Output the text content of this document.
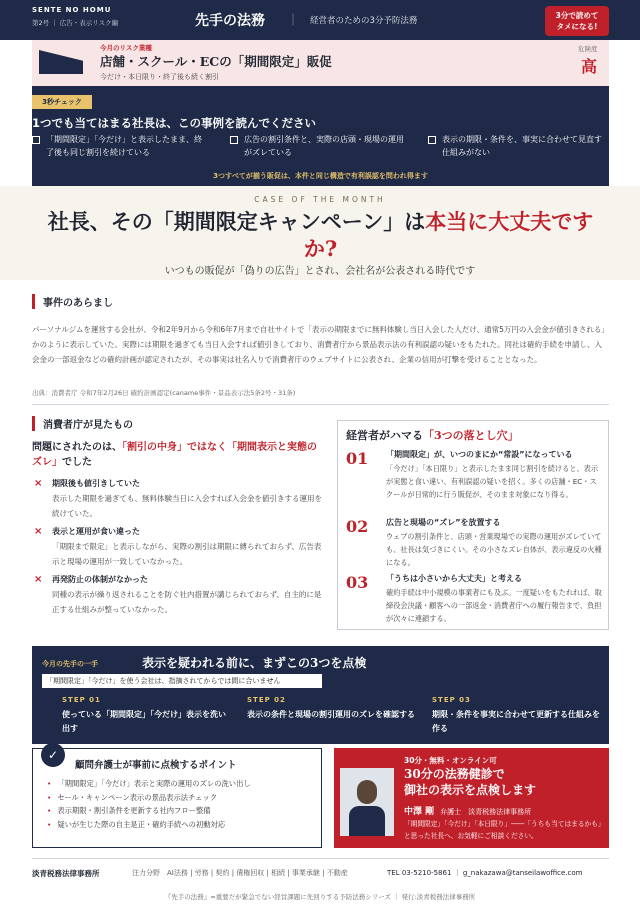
SENTE NO HOMU
第2号 ｜ 広告・表示リスク編	先手の法務 ｜ 経営者のための3分予防法務
3分で読めて
タメになる!
今月のリスク業種
店舗・スクール・ECの「期間限定」販促
今だけ・本日限り・終了後も続く割引
危険度
高
3秒チェック
1つでも当てはまる社長は、この事例を読んでください
「期間限定」「今だけ」と表示したまま、終了後も同じ割引を続けている
広告の割引条件と、実際の店頭・現場の運用がズレている
表示の期限・条件を、事実に合わせて見直す仕組みがない
3つすべてが揃う販促は、本件と同じ構造で有利誤認を問われ得ます
CASE OF THE MONTH
社長、その「期間限定キャンペーン」は本当に大丈夫ですか?
いつもの販促が「偽りの広告」とされ、会社名が公表される時代です
事件のあらまし
パーソナルジムを運営する会社が、令和2年9月から令和6年7月まで自社サイトで「表示の期限までに無料体験し当日入会した人だけ、通常5万円の入会金が値引きされる」かのように表示していた。実際には期限を過ぎても当日入会すれば値引きしており、消費者庁から景品表示法の有利誤認の疑いをもたれた。同社は確約手続を申請し、入会金の一部返金などの確約計画が認定されたが、その事実は社名入りで消費者庁のウェブサイトに公表され、企業の信用が打撃を受けることとなった。
出典：消費者庁 令和7年2月26日 確約計画認定(caname事件・景品表示法5条2号・31条)
消費者庁が見たもの
問題にされたのは、「割引の中身」ではなく「期間表示と実態のズレ」でした
× 期限後も値引きしていた
表示した期限を過ぎても、無料体験当日に入会すれば入会金を値引きする運用を続けていた。
× 表示と運用が食い違った
「期限まで限定」と表示しながら、実際の割引は期限に縛られておらず、広告表示と現場の運用が一致していなかった。
× 再発防止の体制がなかった
同種の表示が繰り返されることを防ぐ社内措置が講じられておらず、自主的に是正する仕組みが整っていなかった。
経営者がハマる「3つの落とし穴」
01 「期間限定」が、いつのまにか“常設”になっている
「今だけ」「本日限り」と表示したまま同じ割引を続けると、表示が実態と食い違い、有利誤認の疑いを招く。多くの店舗・EC・スクールが日常的に行う販促が、そのまま対象になり得る。
02 広告と現場の“ズレ”を放置する
ウェブの割引条件と、店頭・営業現場での実際の運用がズレていても、社長は気づきにくい。その小さなズレ自体が、表示違反の火種になる。
03 「うちは小さいから大丈夫」と考える
確約手続は中小規模の事業者にも及ぶ。一度疑いをもたれれば、取締役会決議・顧客への一部返金・消費者庁への履行報告まで、負担が次々に連鎖する。
今月の先手の一手	表示を疑われる前に、まずこの3つを点検
「期間限定」「今だけ」を使う会社は、指摘されてからでは間に合いません
STEP 01
使っている「期間限定」「今だけ」表示を洗い出す
STEP 02
表示の条件と現場の割引運用のズレを確認する
STEP 03
期限・条件を事実に合わせて更新する仕組みを作る
✓
顧問弁護士が事前に点検するポイント
• 「期間限定」「今だけ」表示と実際の運用のズレの洗い出し
• セール・キャンペーン表示の景品表示法チェック
• 表示期限・割引条件を更新する社内フロー整備
• 疑いが生じた際の自主是正・確約手続への初動対応
30分・無料・オンライン可
30分の法務健診で
御社の表示を点検します
中澤 剛 弁護士　淡青税務法律事務所
「期間限定」「今だけ」「本日限り」――「うちも当てはまるかも」と思った社長へ、お気軽にご相談ください。
淡青税務法律事務所	注力分野　AI法務 | 労務 | 契約 | 債権回収 | 相続 | 事業承継 | 不動産	TEL 03-5210-5861 ｜ g_nakazawa@tanseilawoffice.com
『先手の法務』=重要だが緊急でない経営課題に先回りする予防法務シリーズ ｜ 発行:淡青税務法律事務所
